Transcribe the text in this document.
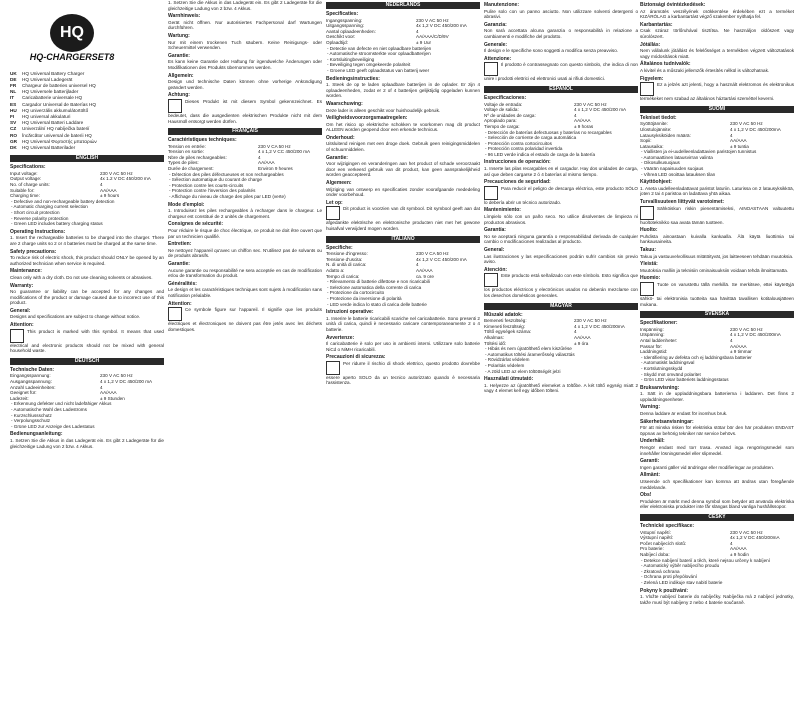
HQ
HQ-CHARGERSET8
UK HQ Universal Battery Charger
DE HQ Universal Ladegerät
FR Chargeur de batteries universel HQ
NL HQ Universele batterijlader
IT Caricabatterie universale HQ
ES Cargador Universal de Baterías HQ
HU HQ univerzális akkumulátortöltő
FI HQ universal akkulaturi
SV HQ Universal Batteri Laddare
CZ Univerzální HQ nabíječka baterií
RO Încărcător universal de baterii HQ
GR HQ Universal Φορτιστής μπαταριών
DK HQ Universal Batterilader
ENGLISH
Specifications:
Input voltage:	230 V AC 50 Hz
Output voltage:	4x 1.2 V DC 450/200 mA
No. of charge units:	4
Suitable for:	AA/AAA
Charging time:	± 9 hours
- Defective and non-rechargeable battery detection
- Automatic charging current selection
- Short circuit protection
- Reverse polarity protection
- Green LED includes battery charging status
Operating Instructions:
1. Insert the rechargeable batteries to be charged into the charger. There are 2 charge units so 2 or 4 batteries must be charged at the same time.
Safety precautions:
To reduce risk of electric shock, this product should ONLY be opened by an authorized technician when service is required.
Maintenance:
Clean only with a dry cloth. Do not use cleaning solvents or abrasives.
Warranty:
No guarantee or liability can be accepted for any changes and modifications of the product or damage caused due to incorrect use of this product.
General:
Designs and specifications are subject to change without notice.
Attention:
This product is marked with this symbol. It means that used electrical and electronic products should not be mixed with general household waste.
DEUTSCH
Technische Daten:
Eingangsspannung:	230 V AC 50 Hz
Ausgangsspannung:	4 x 1,2 V DC 450/200 mA
Anzahl Ladeeinheiten:	4
Geeignet für:	AA/AAA
Ladezeit:	± 9 Stunden
- Erkennung defekter und nicht ladefähiger Akkus
- Automatische Wahl des Ladestroms
- Kurzschlussschutz
- Verpolungsschutz
- Grüne LED zur Anzeige des Ladestatus
Bedienungsanleitung:
1. Setzen Sie die Akkus in das Ladegerät ein. Es gibt 2 Ladegeräte für die gleichzeitige Ladung von 2 bzw. 4 Akkus.
1. Setzen Sie die Akkus in das Ladegerät ein. Es gibt 2 Ladegeräte für die gleichzeitige Ladung von 2 bzw. 4 Akkus.
Warnhinweis:
Gerät nicht öffnen. Nur autorisiertes Fachpersonal darf Wartungen durchführen.
Wartung:
Nur mit einem trockenen Tuch säubern. Keine Reinigungs- oder Scheuermittel verwenden.
Garantie:
Es kann keine Garantie oder Haftung für irgendwelche Änderungen oder Modifikationen des Produkts übernommen werden.
Allgemein:
Design und technische Daten können ohne vorherige Ankündigung geändert werden.
Achtung:
Dieses Produkt ist mit diesem Symbol gekennzeichnet. Es bedeutet, dass die ausgedienten elektrischen Produkte nicht mit dem Hausmüll entsorgt werden dürfen.
FRANÇAIS
Caractéristiques techniques:
Tension en entrée:	230 V CA 50 Hz
Tension en sortie:	4 x 1,2 V CC 450/200 mA
Nbre de piles rechargeables:	4
Types de piles:	AA/AAA
Durée de chargement:	Environ 9 heures
- Détection des piles défectueuses et non rechargeables
- Sélection automatique du courant de charge
- Protection contre les courts-circuits
- Protection contre l'inversion des polarités
- Affichage du niveau de charge des piles par LED (verte)
Mode d'emploi:
1. Introduisez les piles rechargeables à recharger dans le chargeur. Le chargeur est constitué de 2 unités de chargement.
Consignes de sécurité:
Pour réduire le risque de choc électrique, ce produit ne doit être ouvert que par un technicien qualifié.
Entretien:
Ne nettoyez l'appareil qu'avec un chiffon sec. N'utilisez pas de solvants ou de produits abrasifs.
Garantie:
Aucune garantie ou responsabilité ne sera acceptée en cas de modification et/ou de transformation du produit.
Généralités:
Le design et les caractéristiques techniques sont sujets à modification sans notification préalable.
Attention:
Ce symbole figure sur l'appareil. Il signifie que les produits électriques et électroniques ne doivent pas être jetés avec les déchets domestiques.
NEDERLANDS
Specificaties:
Ingangsspanning:	230 V AC 50 Hz
Uitgangsspanning:	4x 1,2 V DC 450/200 mA
Aantal oplaadeenheden:	4
Geschikt voor:	AA/AAA/C/D/9V
Oplaadtijd:	± 9 Uur
- Detectie van defecte en niet oplaadbare batterijen
- Automatische stroomsterkte voor oplaadbatterijen
- Kortsluitingbeveiliging
- Beveiliging tegen omgekeerde polariteit
- Groene LED geeft oplaadstatus van batterij weer
Bedieningsinstructies:
1. Steek de op te laden oplaadbare batterijen in de oplader. Er zijn 4 oplaadeenheden, zodat er 2 of 4 batterijen gelijktijdig opgeladen kunnen worden.
Waarschuwing:
Deze lader is alleen geschikt voor huishoudelijk gebruik.
Veiligheidsvoorzorgsmaatregelen:
Om het risico op elektrische schokken te voorkomen mag dit product ALLEEN worden geopend door een erkende technicus.
Onderhoud:
Uitsluitend reinigen met een droge doek. Gebruik geen reinigingsmiddelen of schuurmiddelen.
Garantie:
Voor wijzigingen en veranderingen aan het product of schade veroorzaakt door een verkeerd gebruik van dit product, kan geen aansprakelijkheid worden geaccepteerd.
Algemeen:
Wijziging van ontwerp en specificaties zonder voorafgaande mededeling onder voorbehoud.
Let op:
Dit product is voorzien van dit symbool. Dit symbool geeft aan dat afgedankte elektrische en elektronische producten niet met het gewone huisafval verwijderd mogen worden.
ITALIANO
Specifiche:
Tensione d'ingresso:	230 V CA 50 Hz
Tensione d'uscita:	4x 1,2 V CC 450/200 mA
N. di unità di carica:	4
Adatto a:	AA/AAA
Tempo di carica:	ca. 9 ore
- Rilevamento di batterie difettose e non ricaricabili
- Selezione automatica della corrente di carica
- Protezione da cortocircuito
- Protezione da inversione di polarità
- LED verde indica lo stato di carica delle batterie
Istruzioni operative:
1. Inserire le batterie ricaricabili scariche nel caricabatterie. Sono presenti 2 unità di carica, quindi è necessario caricare contemporaneamente 2 o 4 batterie.
Avvertenze:
Il caricabatterie è solo per uso in ambienti interni. Utilizzare solo batterie NiCd o NiMH ricaricabili.
Precauzioni di sicurezza:
Per ridurre il rischio di shock elettrico, questo prodotto dovrebbe essere aperto SOLO da un tecnico autorizzato quando è necessaria l'assistenza.
Manutenzione:
Pulire solo con un panno asciutto. Non utilizzare solventi detergenti o abrasivi.
Garanzia:
Non sarà accettata alcuna garanzia o responsabilità in relazione a cambiamenti e modifiche del prodotto.
Generale:
Il design e le specifiche sono soggetti a modifica senza preavviso.
Attenzione:
Il prodotto è contrassegnato con questo simbolo, che indica di non unire i prodotti elettrici ed elettronici usati ai rifiuti domestici.
ESPAÑOL
Especificaciones:
Voltaje de entrada:	230 V AC 50 Hz
Voltaje de salida:	4 x 1,2 V DC 450/200 mA
Nº de unidades de carga:	4
Apropiado para:	AA/AAA
Tiempo de carga:	± 9 horas
- Detección de baterías defectuosas y baterías no recargables
- Selección de corriente de carga automática
- Protección contra cortocircuitos
- Protección contra polaridad invertida
- 96 LED verde indica el estado de carga de la batería
Instrucciones de operación:
1. Inserte las pilas recargables en el cargador. Hay dos unidades de carga, así que deben cargarse 2 ó 4 baterías al mismo tiempo.
Precauciones de seguridad:
Para reducir el peligro de descarga eléctrica, este producto SÓLO lo debería abrir un técnico autorizado.
Mantenimiento:
Límpielo sólo con un paño seco. No utilice disolventes de limpieza ni productos abrasivos.
Garantía:
No se aceptará ninguna garantía o responsabilidad derivada de cualquier cambio o modificaciones realizadas al producto.
General:
Las ilustraciones y las especificaciones podrán sufrir cambios sin previo aviso.
Atención:
Este producto está señalizado con este símbolo. Esto significa que los productos eléctricos y electrónicos usados no deberán mezclarse con los desechos domésticos generales.
MAGYAR
Műszaki adatok:
Bemeneti feszültség:	230 V AC 50 Hz
Kimeneti feszültség:	4 x 1,2 V DC 450/200mA
Töltő egységek száma:	4
Alkalmas:	AA/AAA
Töltési idő:	± 9 óra
- Hibás és nem újratölthető elem kiszűrése
- Automatikus töltési áramerősség választás
- Rövidzárlat védelem
- Polaritás védelem
- A zöld LED az elem töltöttségét jelzi
Használati útmutató:
1. Helyezze az újratölthető elemeket a töltőbe. A két töltő egység miatt 2 vagy 4 elemet kell egy időben tölteni.
Biztonsági óvintézkedések:
Az áramütés veszélyének csökkentése érdekében ezt a terméket KIZÁRÓLAG a karbantartást végző szakember nyithatja fel.
Karbantartás:
Csak száraz törlőruhával tisztítsa. Ne használjon oldószert vagy súrolószert.
Jótállás:
Nem vállalunk jótállást és felelősséget a termékben végzett változtatások vagy módosítások miatt.
Általános tudnivalók:
A kivitel és a műszaki jellemzők értesítés nélkül is változhatnak.
Figyelem:
Ez a jelzés azt jelenti, hogy a használt elektromos és elektronikus termékeket nem szabad az általános háztartási szeméttel keverni.
SUOMI
Tekniset tiedot:
Syöttöjännite:	230 V AC 50 Hz
Ulostulojännite:	4 x 1,2 V DC 450/200mA
Latausyksiköiden määrä:	4
Sopii:	AA/AAA
Latausaika:	± 9 tuntia
- Viallisten ja ei-uudelleenladattavien paristojen tunnistus
- Automaattinen latausvirran valinta
- Oikosulkusuojaus
- Väärän napaisuuden suojaus
- Vihreä LED osoittaa latauksen tilan
Käyttöohjeet:
1. Aseta uudelleenladattavat paristot laturiin. Laturissa on 2 latausyksikköä, joten 2 tai 4 paristoa on ladattava yhtä aikaa.
Turvallisuuteen liittyvät varotoimet:
Sähköiskun riskin pienentämiseksi, AINOASTAAN valtuutettu huoltoteknikko saa avata tämän tuotteen.
Huolto:
Puhdista ainoastaan kuivalla kankaalla. Älä käytä liuottimia tai hankausaineita.
Takuu:
Takuu ja vastuuvelvollisuus mitätöityvät, jos laitteeseen tehdään muutoksia.
Yleistä:
Muutoksia malliin ja teknisiin ominaisuuksiin voidaan tehdä ilmoittamatta.
Huomio:
Tuote on varustettu tällä merkillä. Se merkitsee, ettei käytettyjä sähkö- tai elektronisia tuotteita saa hävittää tavallisen kotitalousjätteen mukana.
SVENSKA
Specifikationer:
Inspänning:	230 V AC 50 Hz
Utspänning:	4 x 1,2 V DC 450/200mA
Antal laddenheter:	4
Passar för:	AA/AAA
Laddningstid:	± 9 timmar
- Identifiering av defekta och ej laddningsbara batterier
- Automatiskt laddningsval
- Kortslutningsskydd
- Skydd mot omvänd polaritet
- Grön LED visar batteriets laddningsstatus
Bruksanvisning:
1. Sätt in de uppladdningsbara batterierna i laddaren. Det finns 2 uppladdningsenheter.
Varning:
Denna laddare är endast för inomhus bruk.
Säkerhetsanvisningar:
För att minska risken för elektriska stötar bör den här produkten ENDAST öppnas av behörig tekniker när service behövs.
Underhåll:
Rengör endast med torr trasa. Använd inga rengöringsmedel som innehåller lösningsmedel eller slipmedel.
Garanti:
Ingen garanti gäller vid ändringar eller modifieringar av produkten.
Allmänt:
Utseende och specifikationer kan komma att ändras utan föregående meddelande.
Obs!
Produkten är märkt med denna symbol som betyder att använda elektriska eller elektroniska produkter inte får slängas bland vanliga hushållssopor.
ČESKY
Technické specifikace:
Vstupní napětí:	230 V AC 50 Hz
Výstupní napětí:	4x 1,2 V DC 450/200mA
Počet nabíjecích slotů:	4
Pro baterie:	AA/AAA
Nabíjecí doba:	± 9 hodin
- Detekce nabíjení baterií a těch, které nejsou určeny k nabíjení
- Automatický výběr nabíjecího proudu
- Zkratová ochrana
- Ochrana proti přepólování
- Zelená LED indikuje stav nabití baterie
Pokyny k používání:
1. Vložte nabíjecí baterie do nabíječky. Nabíječka má 2 nabíjecí jednotky, takže musí být nabíjeny 2 nebo 4 baterie současně.
